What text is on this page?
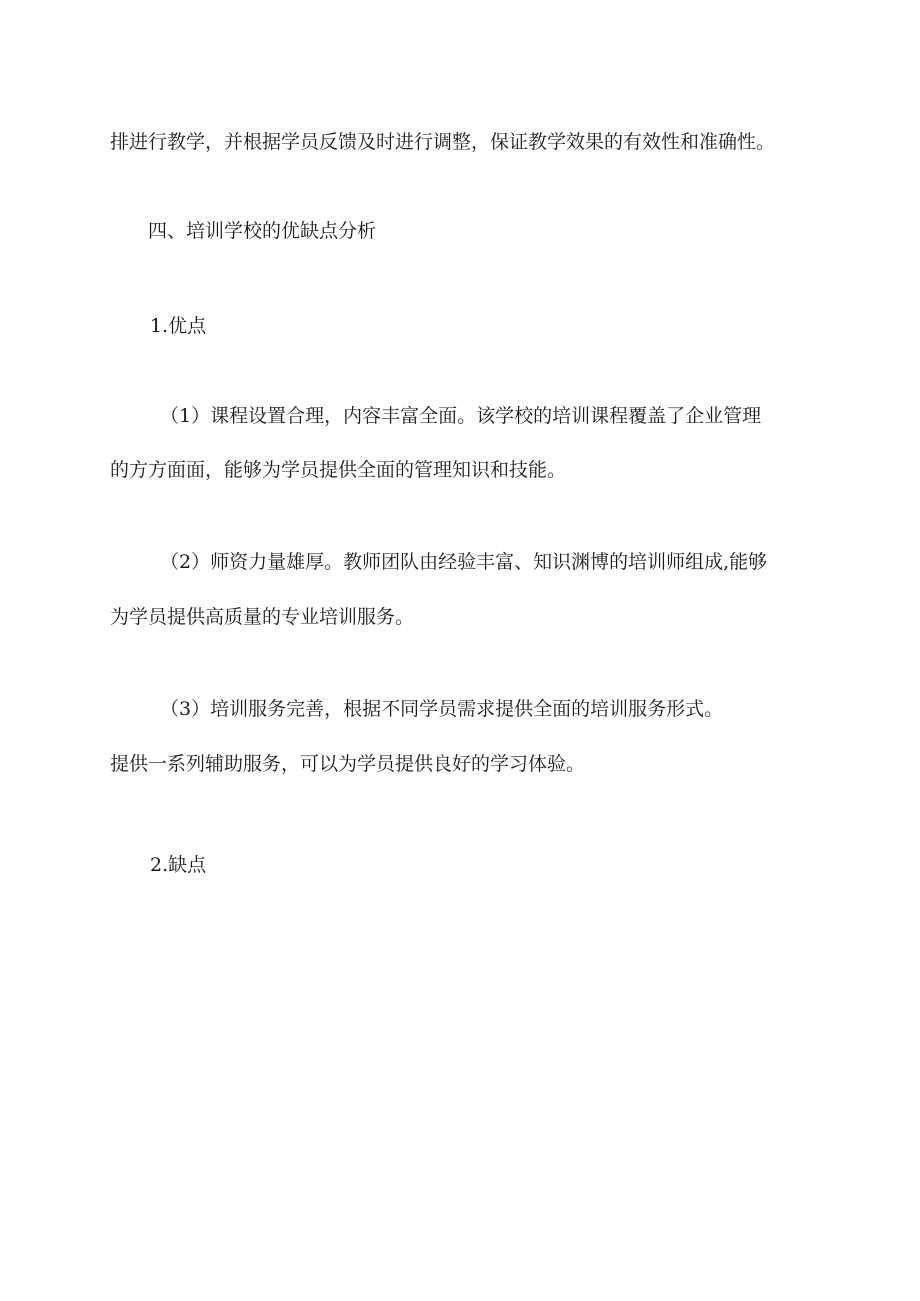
排进行教学，并根据学员反馈及时进行调整，保证教学效果的有效性和准确性。
四、培训学校的优缺点分析
1.优点
（1）课程设置合理，内容丰富全面。该学校的培训课程覆盖了企业管理
的方方面面，能够为学员提供全面的管理知识和技能。
（2）师资力量雄厚。教师团队由经验丰富、知识渊博的培训师组成,能够
为学员提供高质量的专业培训服务。
（3）培训服务完善，根据不同学员需求提供全面的培训服务形式。
提供一系列辅助服务，可以为学员提供良好的学习体验。
2.缺点
